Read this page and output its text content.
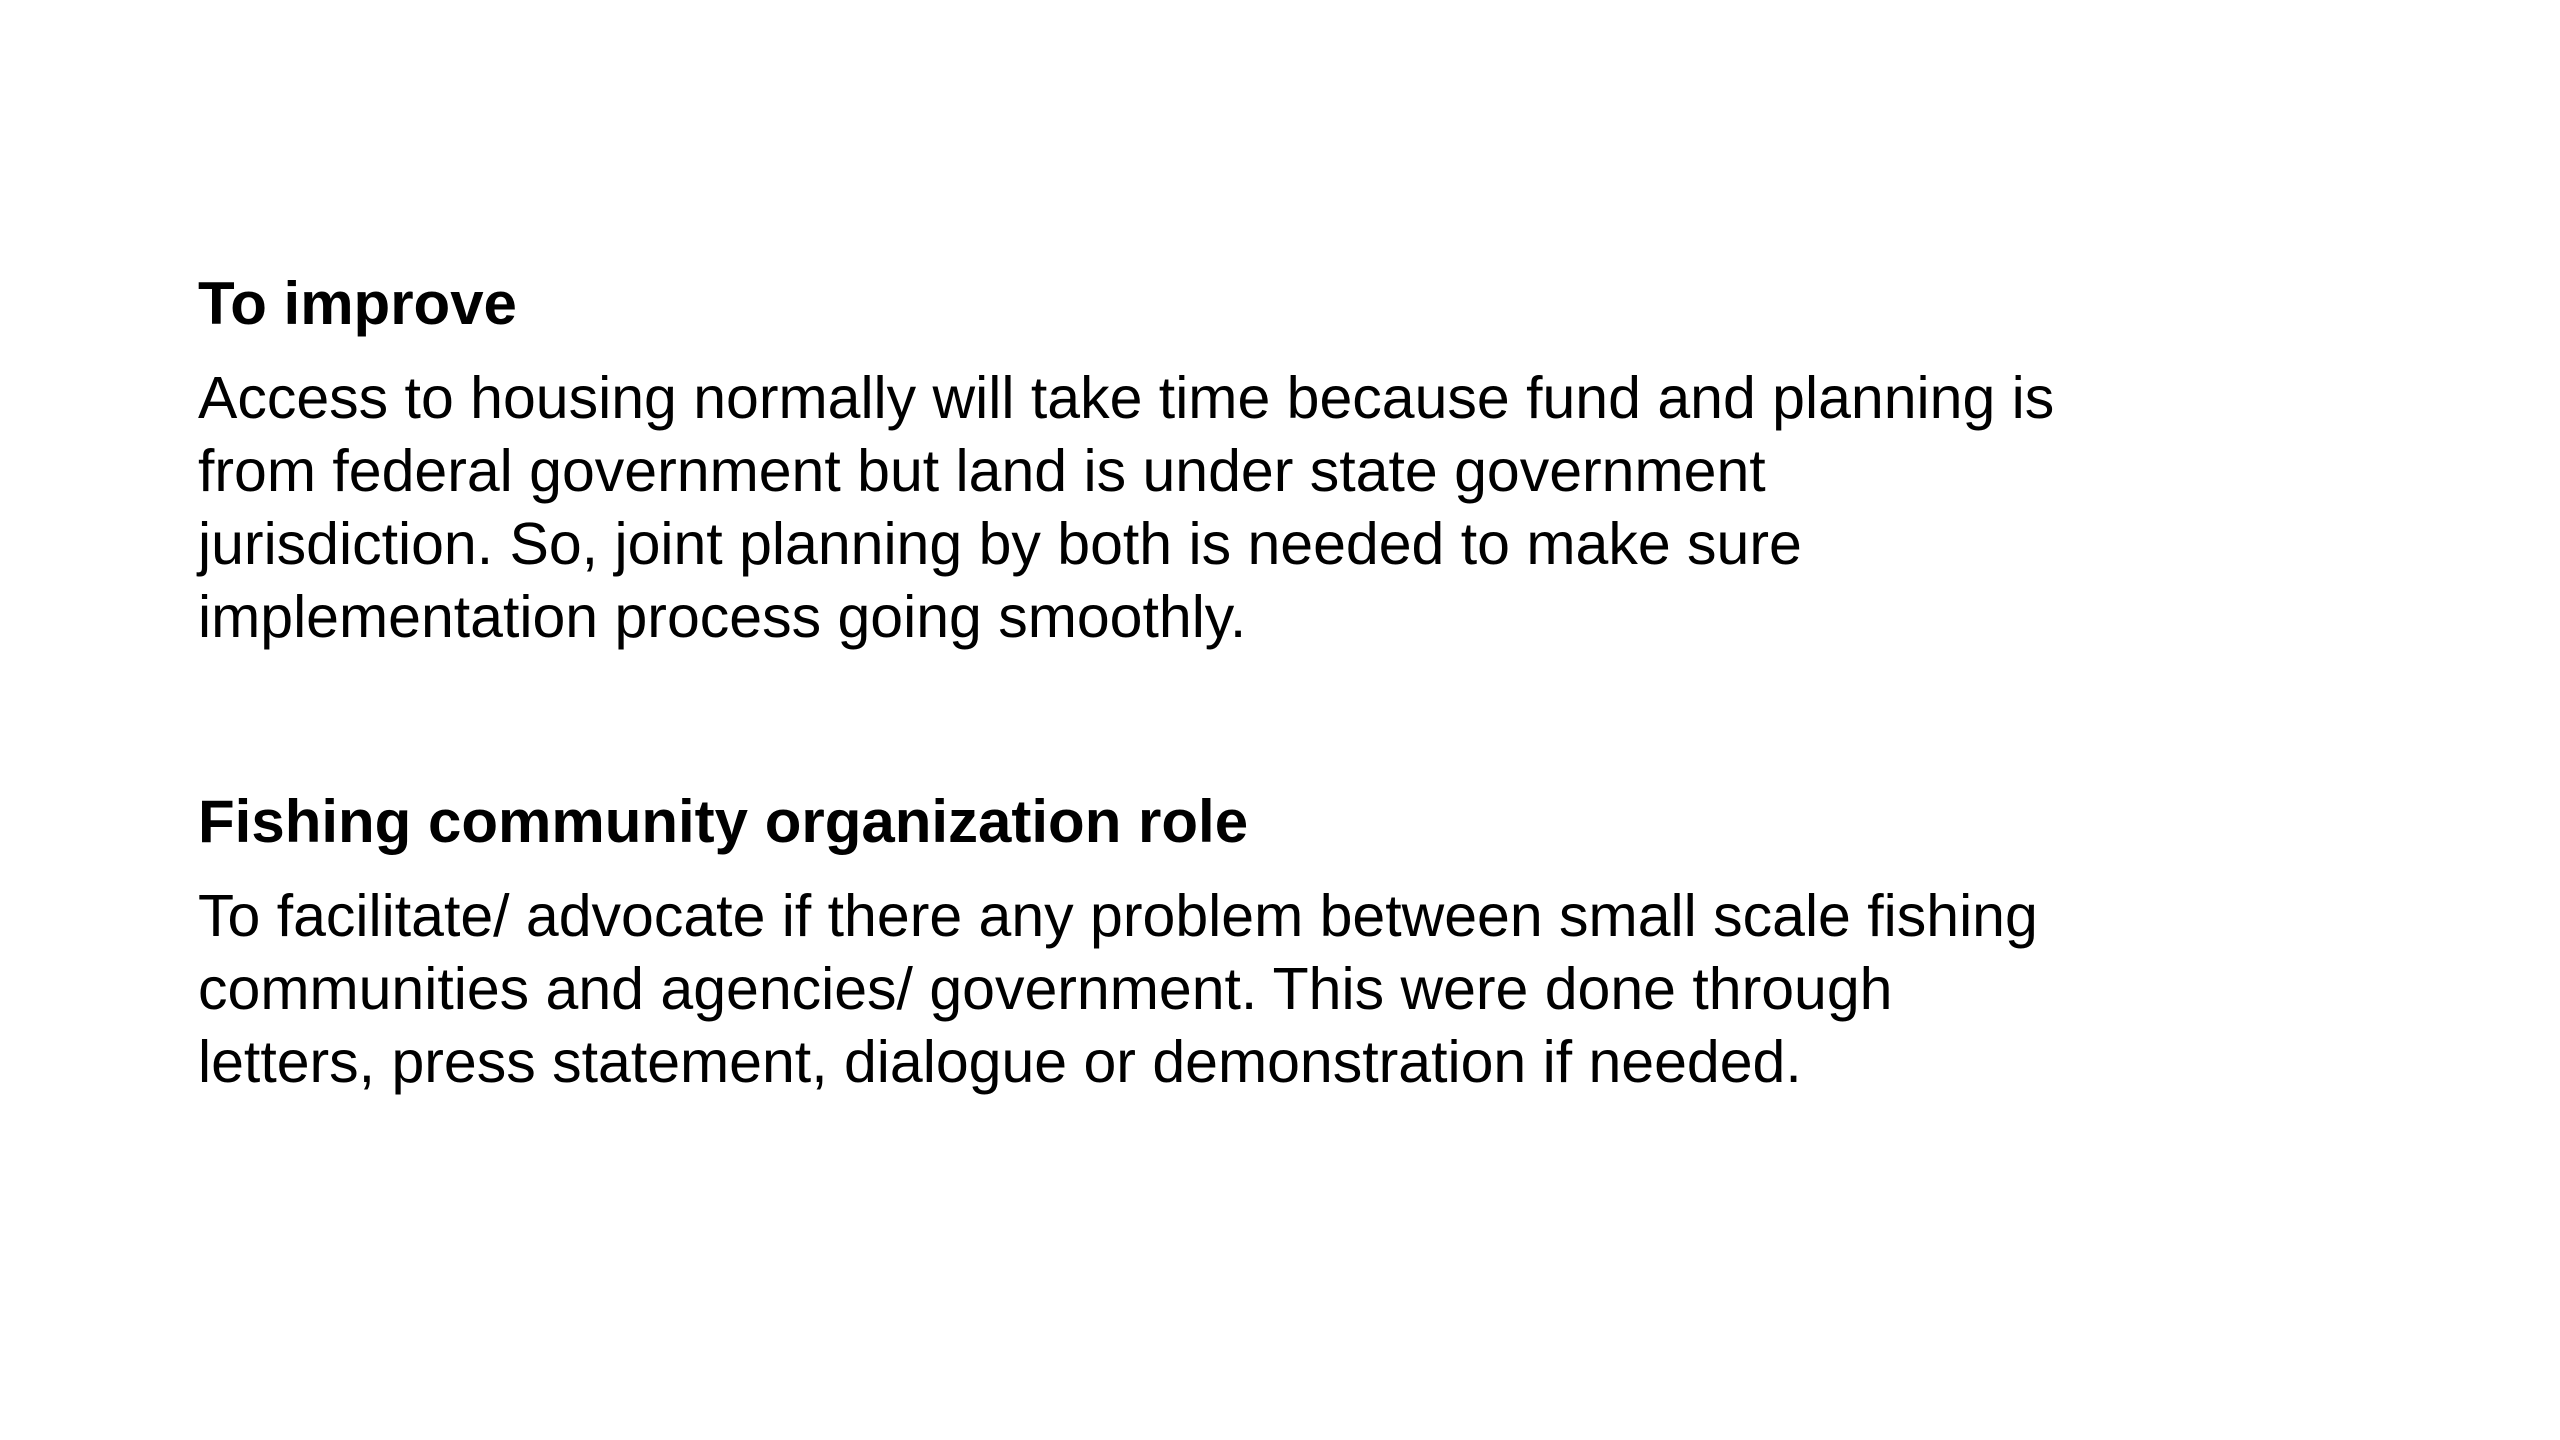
To improve
Access to housing normally will take time because fund and planning is
from federal government but land is under state government
jurisdiction. So, joint planning by both is needed to make sure
implementation process going smoothly.
Fishing community organization role
To facilitate/ advocate if there any problem between small scale fishing
communities and agencies/ government. This were done through
letters, press statement, dialogue or demonstration if needed.
